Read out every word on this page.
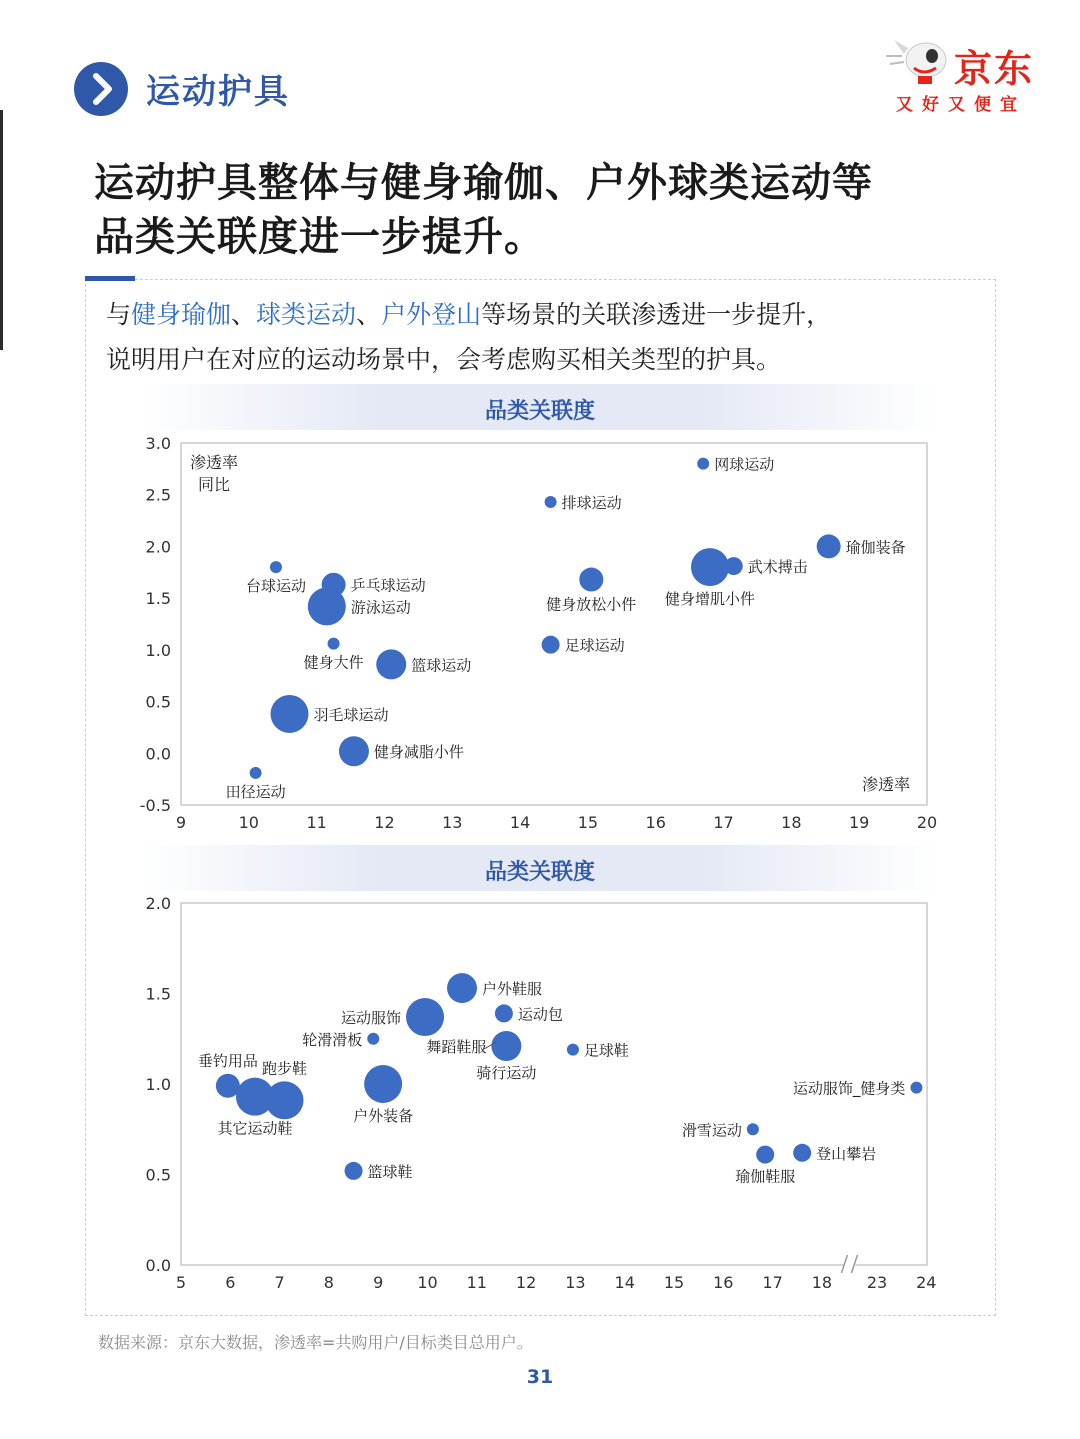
运动护具
京东
又好又便宜
运动护具整体与健身瑜伽、户外球类运动等
品类关联度进一步提升。
与健身瑜伽、球类运动、户外登山等场景的关联渗透进一步提升，
说明用户在对应的运动场景中，会考虑购买相关类型的护具。
品类关联度
-0.5
0.0
0.5
1.0
1.5
2.0
2.5
3.0
9	10	11	12	13	14	15	16	17	18	19	20
网球运动
排球运动
瑜伽装备
武术搏击
健身增肌小件
台球运动	乒乓球运动
健身放松小件
游泳运动
健身大件
足球运动
篮球运动
羽毛球运动
健身减脂小件
田径运动
渗透率
同比
渗透率
品类关联度
0.0
0.5
1.0
1.5
2.0
5 6 7 8 9 10 11 12 13 14 15 16 17 18 23 24
户外鞋服
运动包
运动服饰
轮滑滑板	舞蹈鞋服
骑行运动
足球鞋
垂钓用品 跑步鞋
其它运动鞋
户外装备
运动服饰_健身类
滑雪运动
登山攀岩
瑜伽鞋服
篮球鞋
数据来源：京东大数据，渗透率=共购用户/目标类目总用户。
31
